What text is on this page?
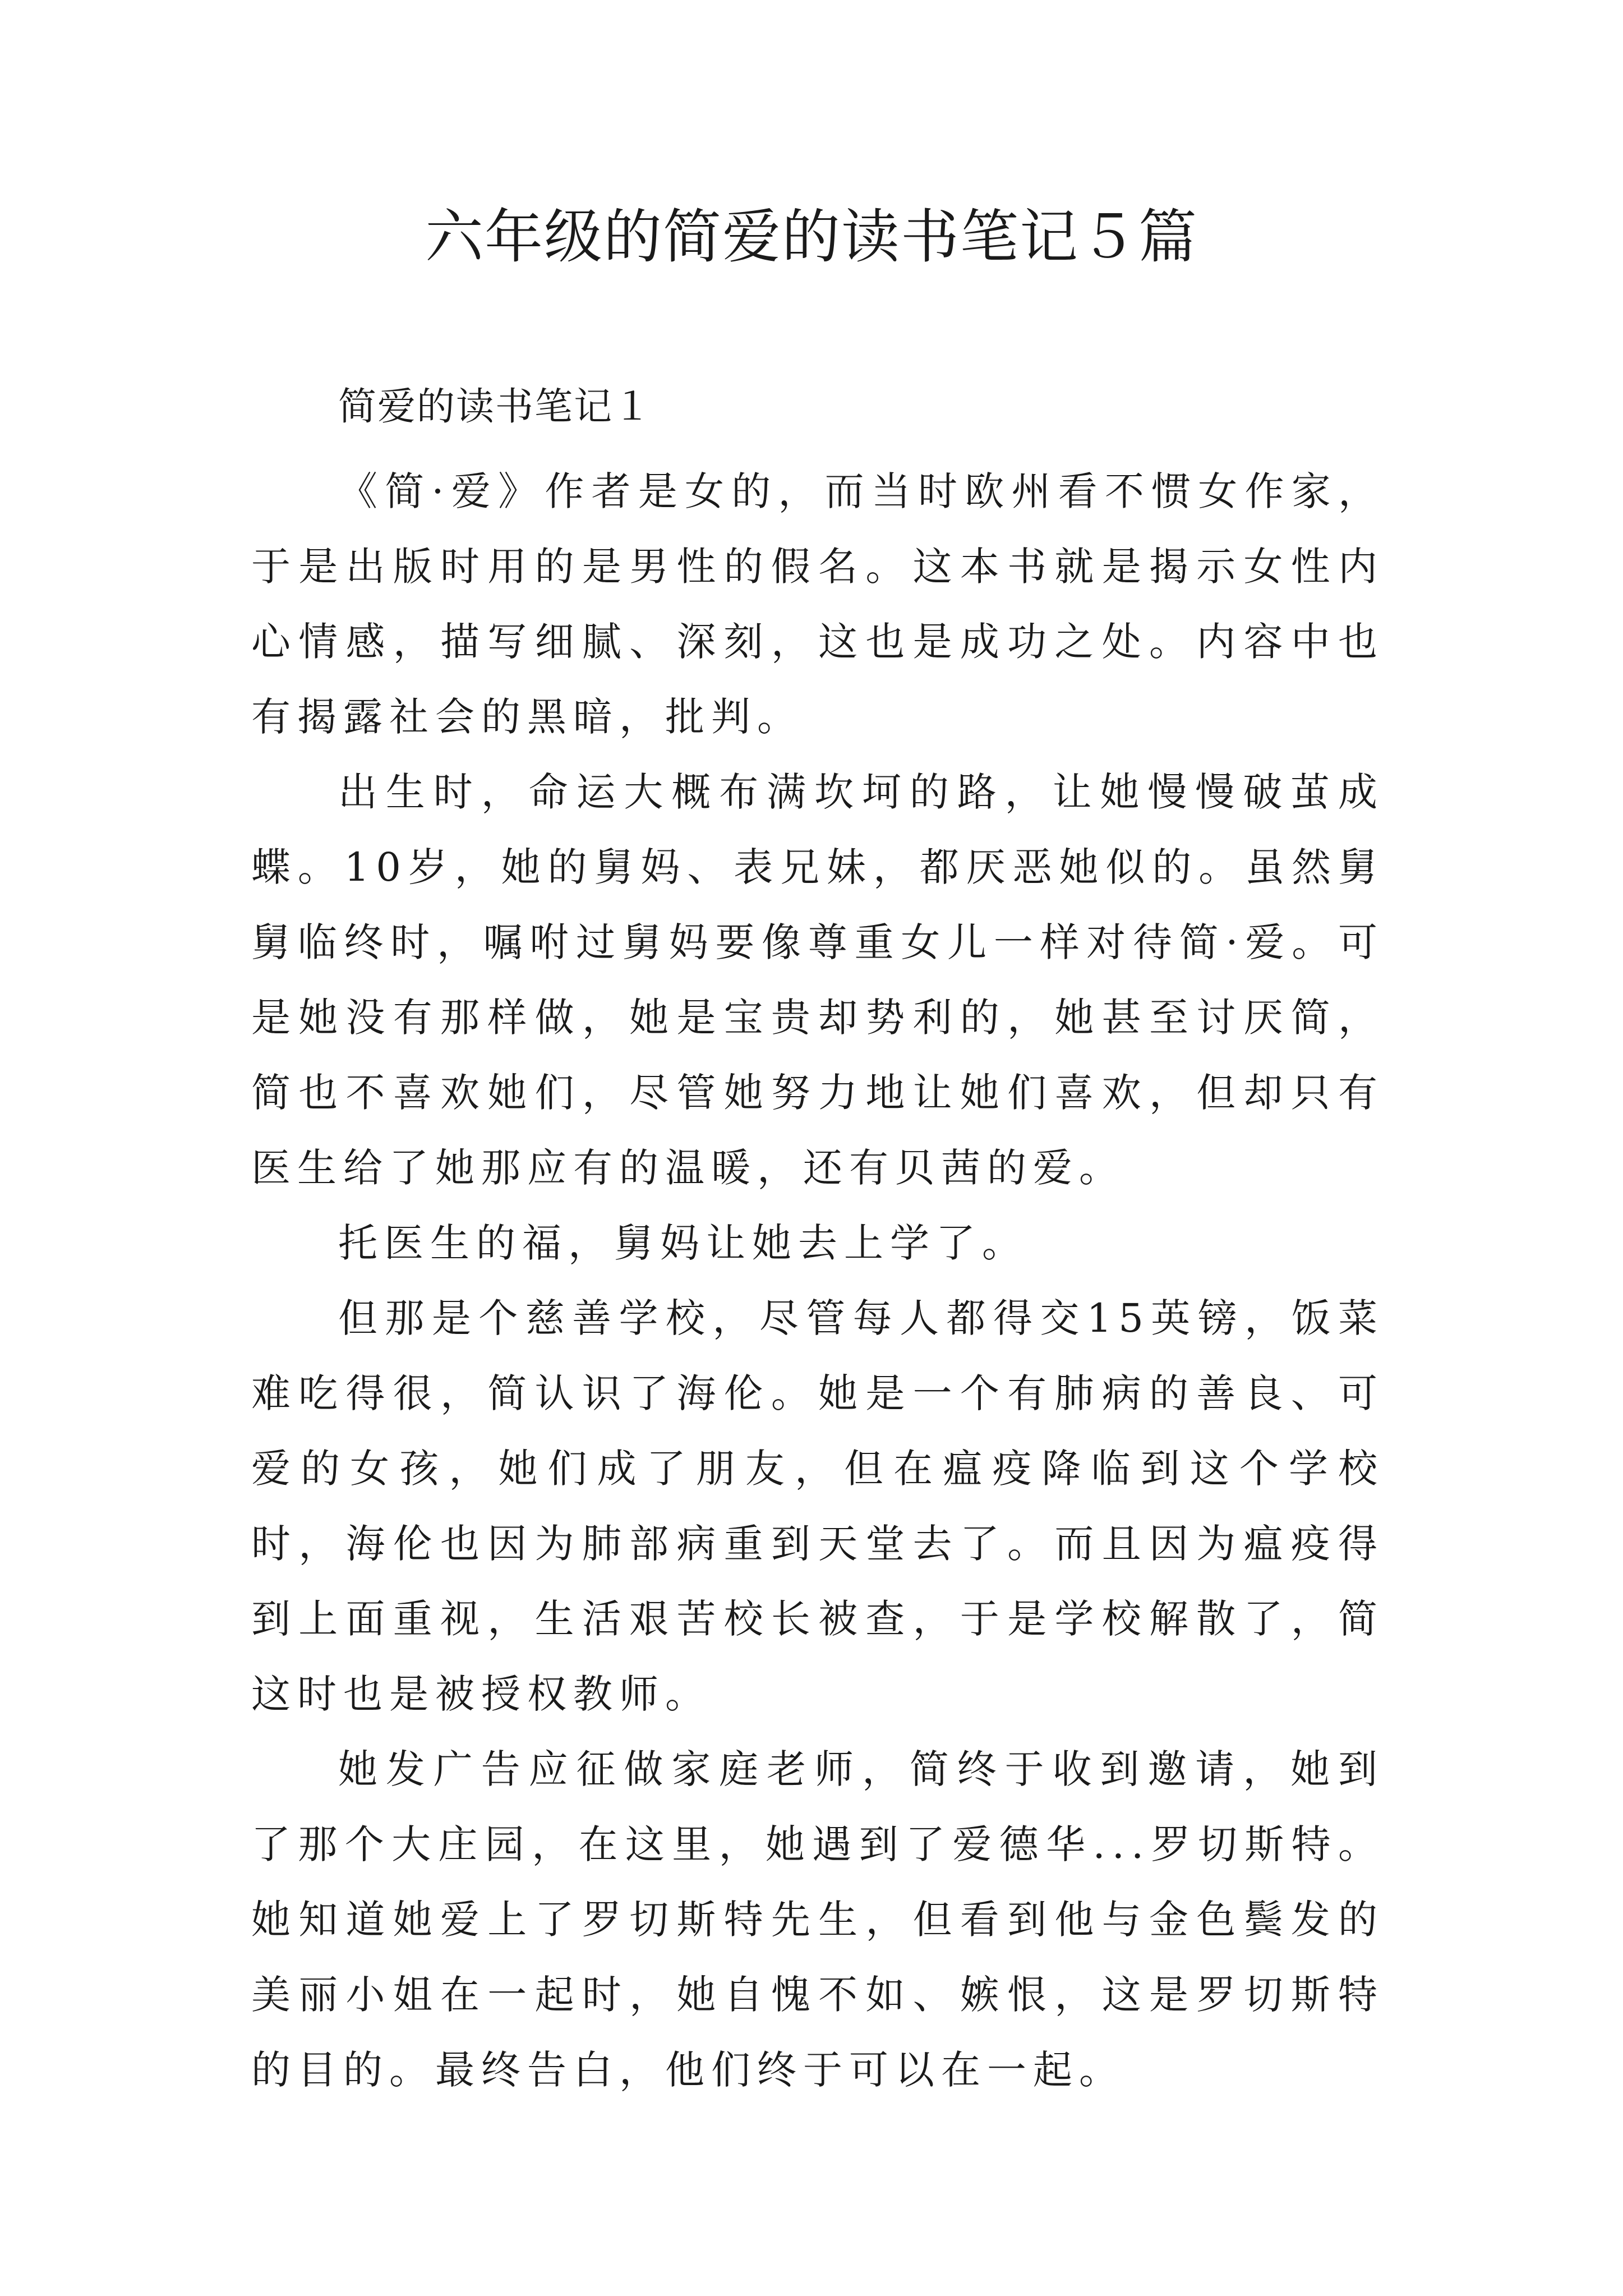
六年级的简爱的读书笔记５篇

简爱的读书笔记１

《简·爱》作者是女的，而当时欧州看不惯女作家，于是出版时用的是男性的假名。这本书就是揭示女性内心情感，描写细腻、深刻，这也是成功之处。内容中也有揭露社会的黑暗，批判。

出生时，命运大概布满坎坷的路，让她慢慢破茧成蝶。10岁，她的舅妈、表兄妹，都厌恶她似的。虽然舅舅临终时，嘱咐过舅妈要像尊重女儿一样对待简·爱。可是她没有那样做，她是宝贵却势利的，她甚至讨厌简，简也不喜欢她们，尽管她努力地让她们喜欢，但却只有医生给了她那应有的温暖，还有贝茜的爱。

托医生的福，舅妈让她去上学了。

但那是个慈善学校，尽管每人都得交15英镑，饭菜难吃得很，简认识了海伦。她是一个有肺病的善良、可爱的女孩，她们成了朋友，但在瘟疫降临到这个学校时，海伦也因为肺部病重到天堂去了。而且因为瘟疫得到上面重视，生活艰苦校长被查，于是学校解散了，简这时也是被授权教师。

她发广告应征做家庭老师，简终于收到邀请，她到了那个大庄园，在这里，她遇到了爱德华...罗切斯特。她知道她爱上了罗切斯特先生，但看到他与金色鬓发的美丽小姐在一起时，她自愧不如、嫉恨，这是罗切斯特的目的。最终告白，他们终于可以在一起。
